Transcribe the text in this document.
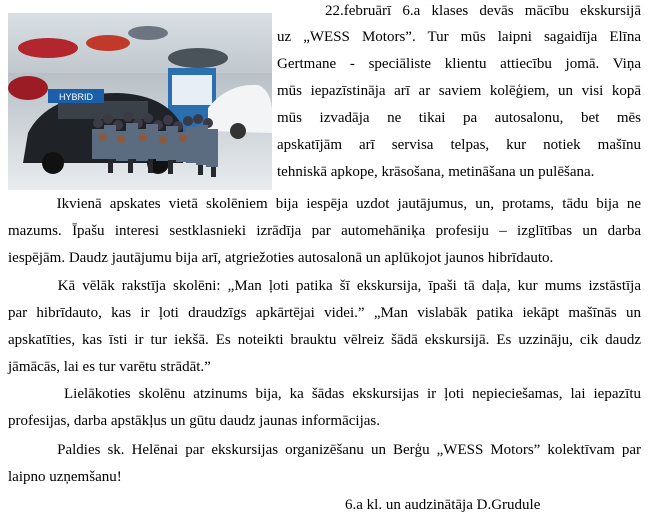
HYBRID
22.februārī 6.a klases devās mācību ekskursijā
uz „WESS Motors”. Tur mūs laipni sagaidīja Elīna
Gertmane - speciāliste klientu attiecību jomā. Viņa
mūs iepazīstināja arī ar saviem kolēģiem, un visi kopā
mūs izvadāja ne tikai pa autosalonu, bet mēs
apskatījām arī servisa telpas, kur notiek mašīnu
tehniskā apkope, krāsošana, metināšana un pulēšana.
Ikvienā apskates vietā skolēniem bija iespēja uzdot jautājumus, un, protams, tādu bija ne
mazums. Īpašu interesi sestklasnieki izrādīja par automehāniķa profesiju – izglītības un darba
iespējām. Daudz jautājumu bija arī, atgriežoties autosalonā un aplūkojot jaunos hibrīdauto.
Kā vēlāk rakstīja skolēni: „Man ļoti patika šī ekskursija, īpaši tā daļa, kur mums izstāstīja
par hibrīdauto, kas ir ļoti draudzīgs apkārtējai videi.” „Man vislabāk patika iekāpt mašīnās un
apskatīties, kas īsti ir tur iekšā. Es noteikti brauktu vēlreiz šādā ekskursijā. Es uzzināju, cik daudz
jāmācās, lai es tur varētu strādāt.”
Lielākoties skolēnu atzinums bija, ka šādas ekskursijas ir ļoti nepieciešamas, lai iepazītu
profesijas, darba apstākļus un gūtu daudz jaunas informācijas.
Paldies sk. Helēnai par ekskursijas organizēšanu un Berģu „WESS Motors” kolektīvam par
laipno uzņemšanu!
6.a kl. un audzinātāja D.Grudule
